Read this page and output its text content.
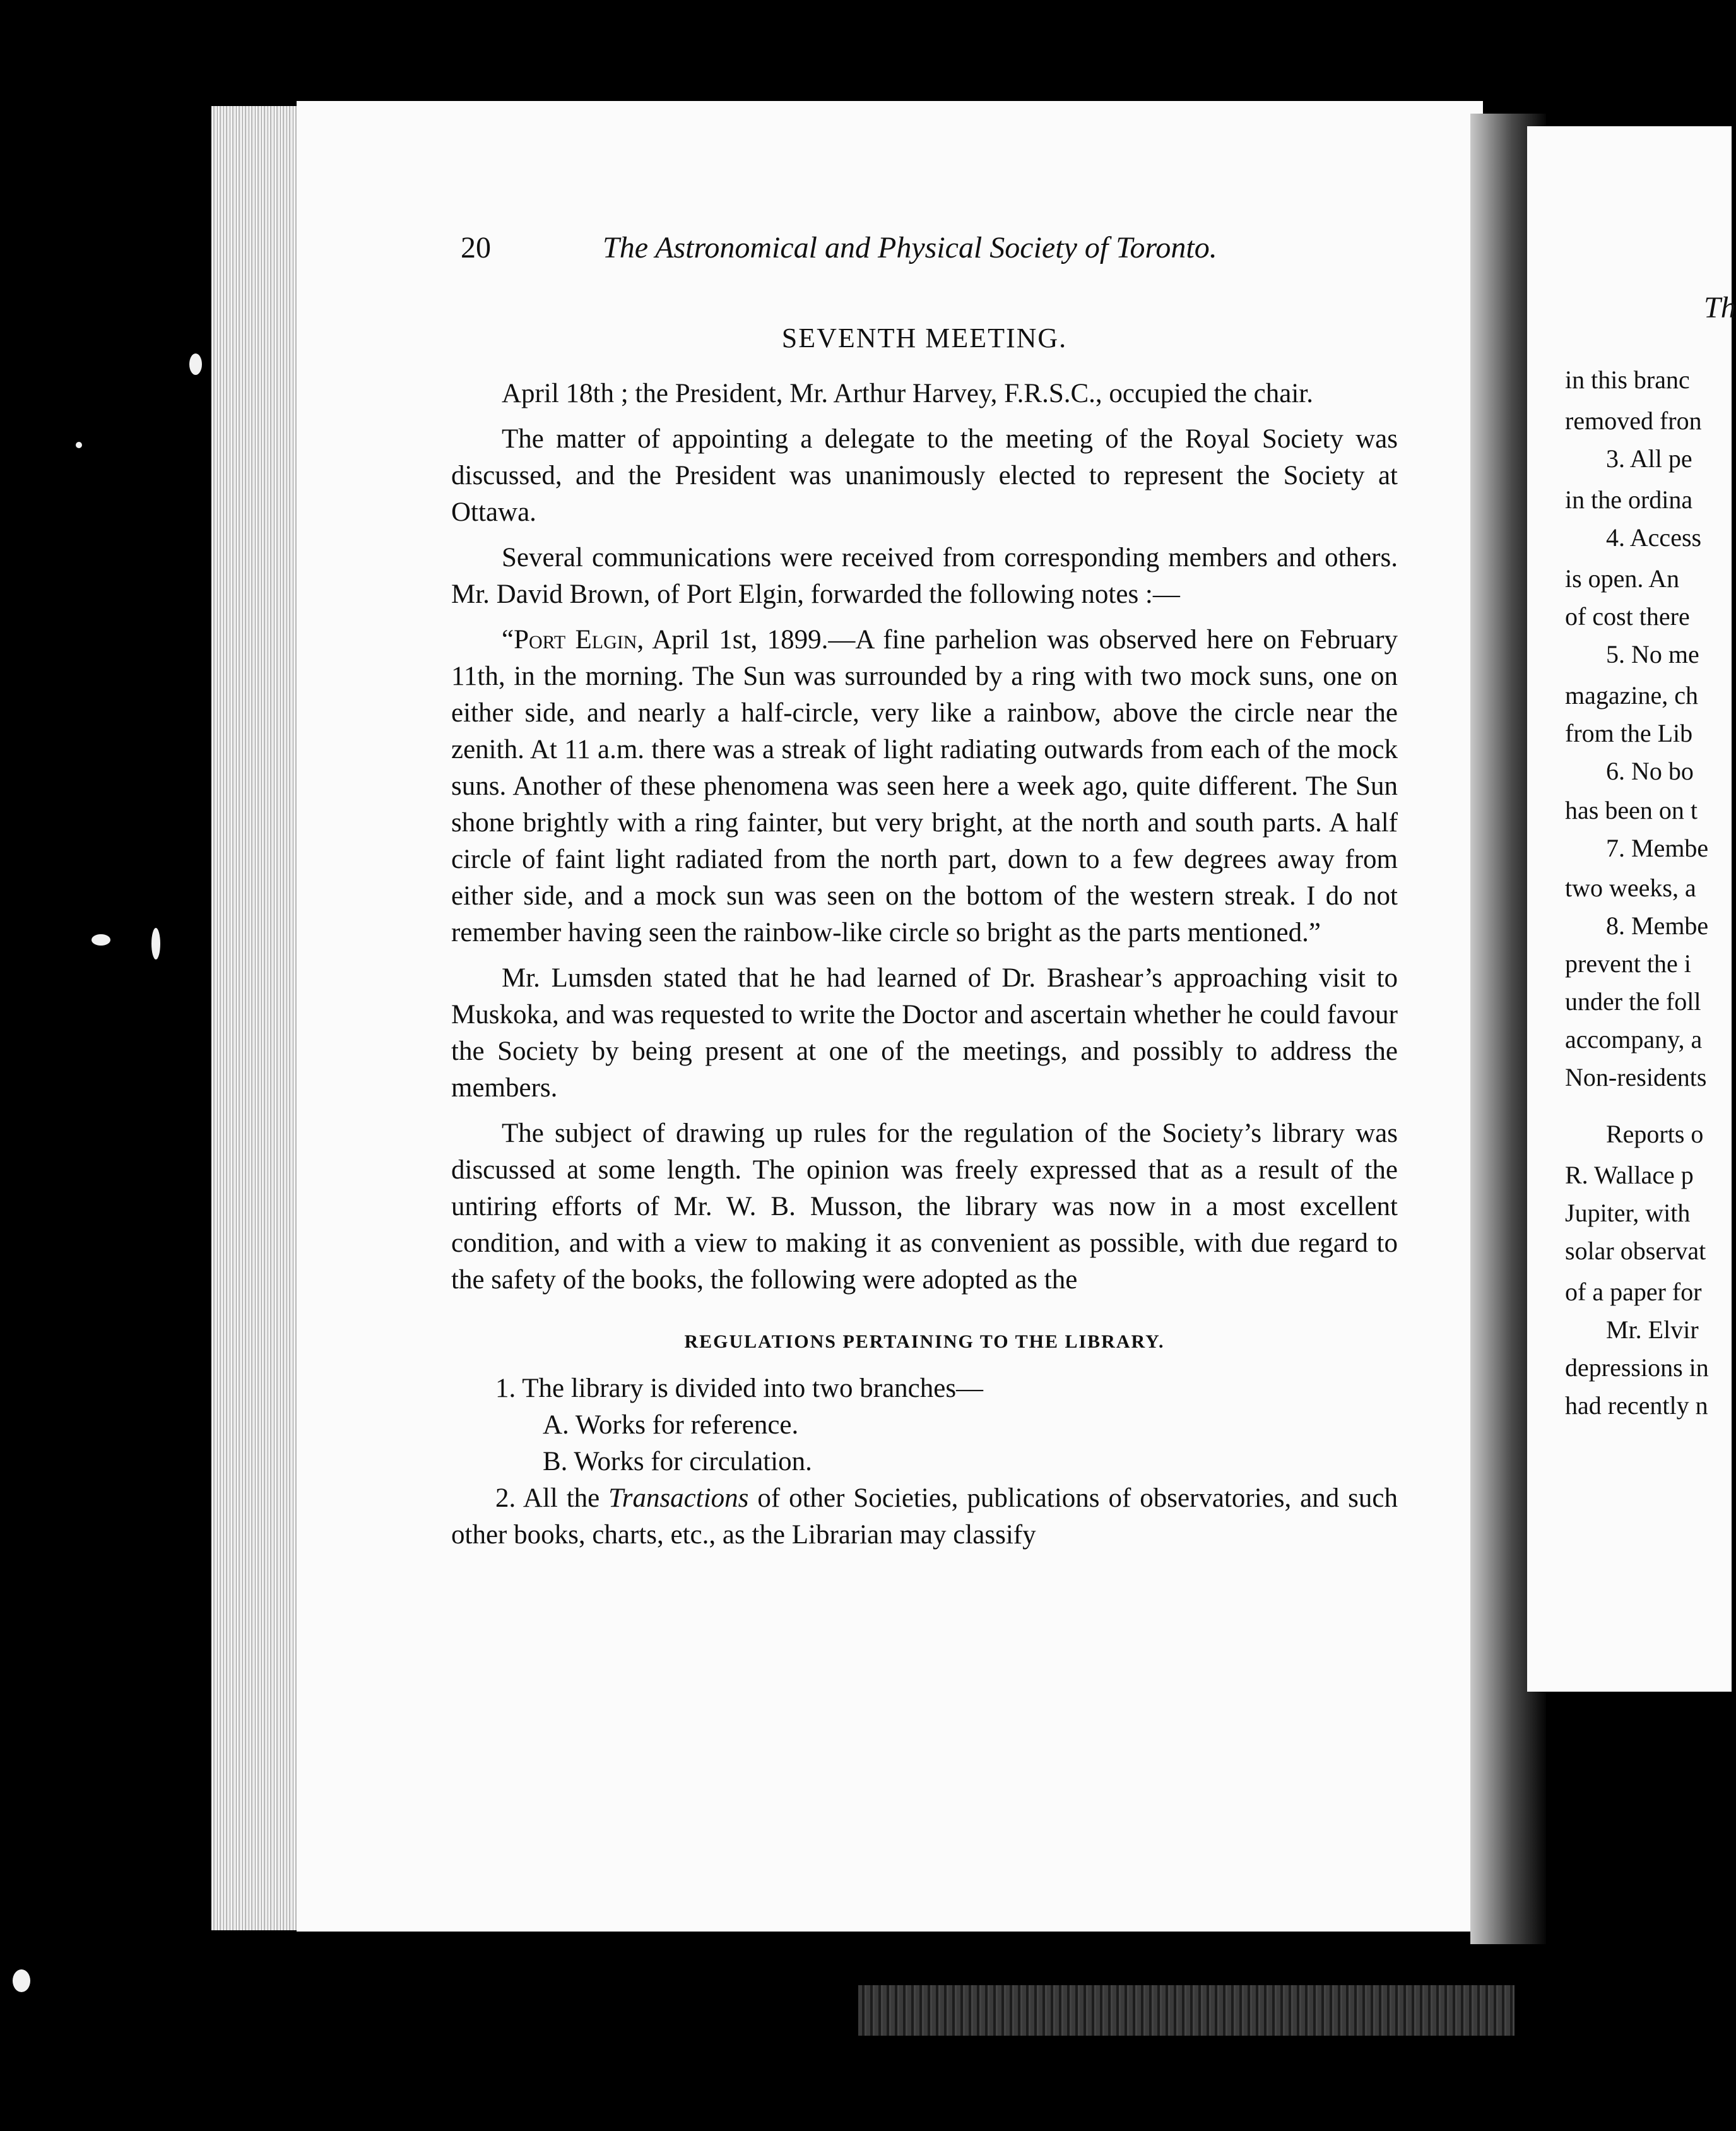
20	The Astronomical and Physical Society of Toronto.
SEVENTH MEETING.

April 18th ; the President, Mr. Arthur Harvey, F.R.S.C., occupied the chair.

The matter of appointing a delegate to the meeting of the Royal Society was discussed, and the President was unanimously elected to represent the Society at Ottawa.

Several communications were received from corresponding members and others. Mr. David Brown, of Port Elgin, forwarded the following notes :—

“Port Elgin, April 1st, 1899.—A fine parhelion was observed here on February 11th, in the morning. The Sun was surrounded by a ring with two mock suns, one on either side, and nearly a half-circle, very like a rainbow, above the circle near the zenith. At 11 a.m. there was a streak of light radiating outwards from each of the mock suns. Another of these phenomena was seen here a week ago, quite different. The Sun shone brightly with a ring fainter, but very bright, at the north and south parts. A half circle of faint light radiated from the north part, down to a few degrees away from either side, and a mock sun was seen on the bottom of the western streak. I do not remember having seen the rainbow-like circle so bright as the parts mentioned.”

Mr. Lumsden stated that he had learned of Dr. Brashear’s approaching visit to Muskoka, and was requested to write the Doctor and ascertain whether he could favour the Society by being present at one of the meetings, and possibly to address the members.

The subject of drawing up rules for the regulation of the Society’s library was discussed at some length. The opinion was freely expressed that as a result of the untiring efforts of Mr. W. B. Musson, the library was now in a most excellent condition, and with a view to making it as convenient as possible, with due regard to the safety of the books, the following were adopted as the

REGULATIONS PERTAINING TO THE LIBRARY.

1. The library is divided into two branches—

A. Works for reference.

B. Works for circulation.

2. All the Transactions of other Societies, publications of observatories, and such other books, charts, etc., as the Librarian may classify

Th
in this branc
removed fron
3. All pe
in the ordina
4. Access
is open. An
of cost there
5. No me
magazine, ch
from the Lib
6. No bo
has been on t
7. Membe
two weeks, a
8. Membe
prevent the i
under the foll
accompany, a
Non-residents
Reports o
R. Wallace p
Jupiter, with
solar observat
of a paper for
Mr. Elvir
depressions in
had recently n
